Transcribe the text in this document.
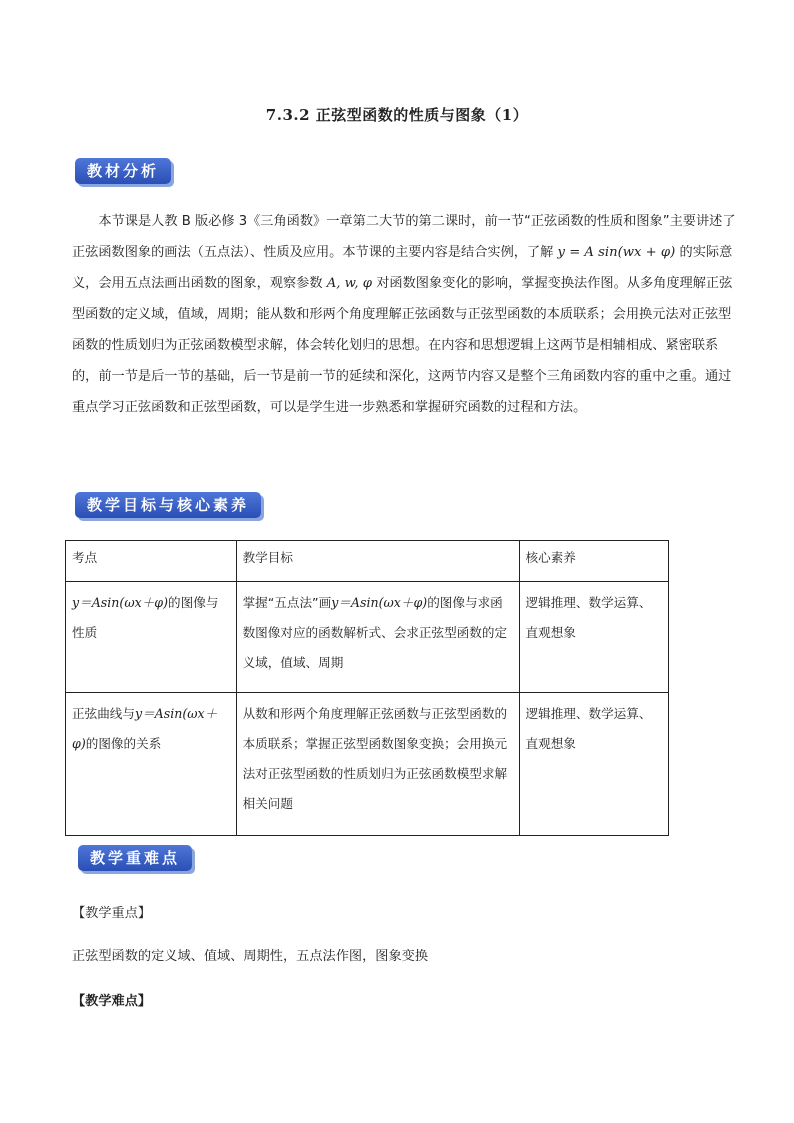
7.3.2 正弦型函数的性质与图象（1）
教材分析

本节课是人教 B 版必修 3《三角函数》一章第二大节的第二课时，前一节“正弦函数的性质和图象”主要讲述了正弦函数图象的画法（五点法）、性质及应用。本节课的主要内容是结合实例，了解 y = A sin(wx + φ) 的实际意义，会用五点法画出函数的图象，观察参数 A, w, φ 对函数图象变化的影响，掌握变换法作图。从多角度理解正弦型函数的定义域，值域，周期；能从数和形两个角度理解正弦函数与正弦型函数的本质联系；会用换元法对正弦型函数的性质划归为正弦函数模型求解，体会转化划归的思想。在内容和思想逻辑上这两节是相辅相成、紧密联系的，前一节是后一节的基础，后一节是前一节的延续和深化，这两节内容又是整个三角函数内容的重中之重。通过重点学习正弦函数和正弦型函数，可以是学生进一步熟悉和掌握研究函数的过程和方法。

教学目标与核心素养
考点	教学目标	核心素养
y＝Asin(ωx＋φ)的图像与性质	掌握“五点法”画y＝Asin(ωx＋φ)的图像与求函数图像对应的函数解析式、会求正弦型函数的定义域，值域、周期	逻辑推理、数学运算、直观想象
正弦曲线与y＝Asin(ωx＋φ)的图像的关系	从数和形两个角度理解正弦函数与正弦型函数的本质联系；掌握正弦型函数图象变换；会用换元法对正弦型函数的性质划归为正弦函数模型求解相关问题	逻辑推理、数学运算、直观想象
教学重难点
【教学重点】
正弦型函数的定义域、值域、周期性，五点法作图，图象变换
【教学难点】
